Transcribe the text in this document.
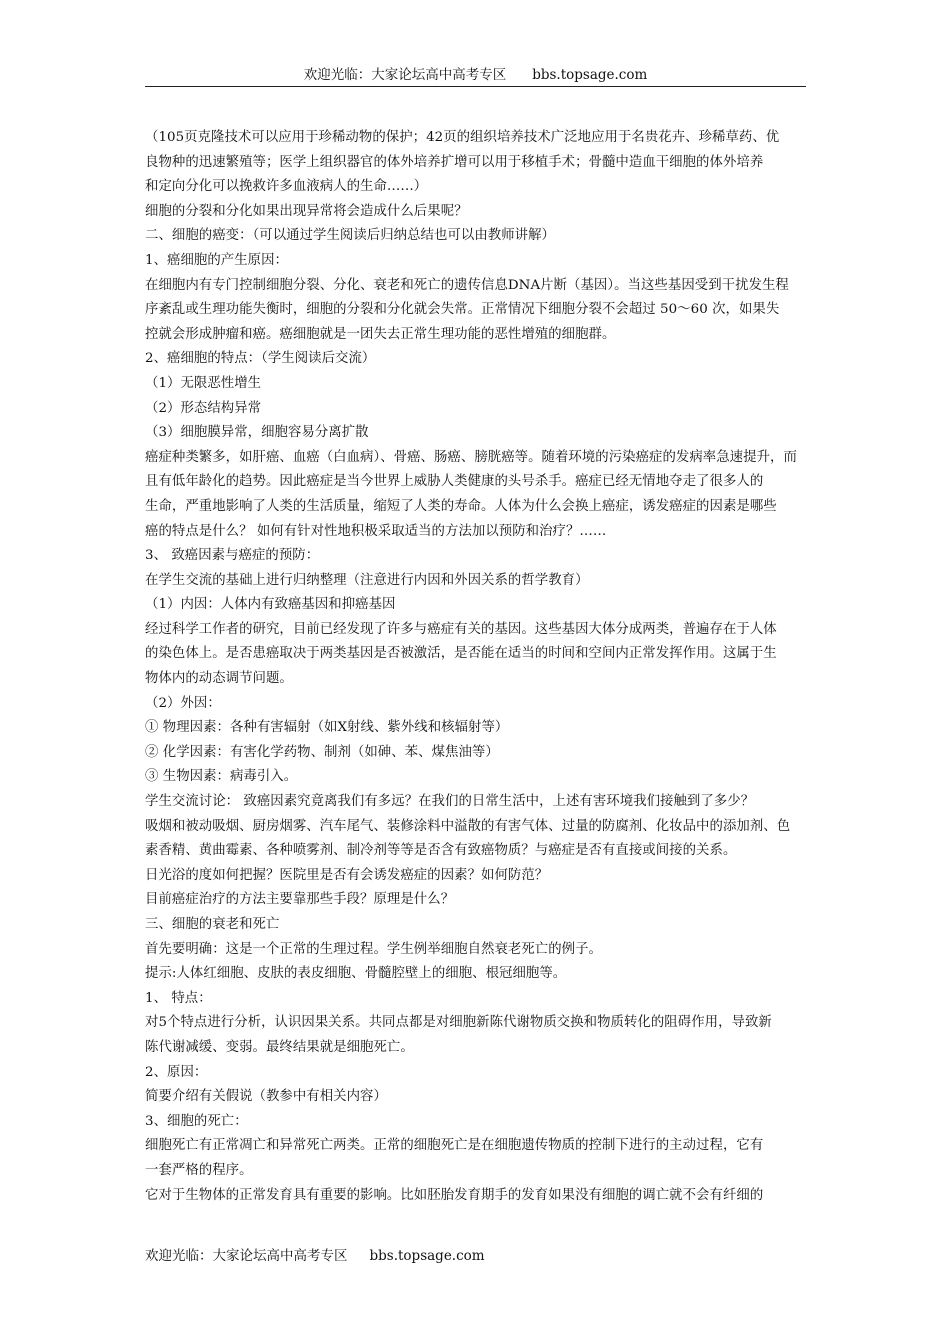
欢迎光临：大家论坛高中高考专区 bbs.topsage.com

（105页克隆技术可以应用于珍稀动物的保护；42页的组织培养技术广泛地应用于名贵花卉、珍稀草药、优

良物种的迅速繁殖等；医学上组织器官的体外培养扩增可以用于移植手术；骨髓中造血干细胞的体外培养

和定向分化可以挽救许多血液病人的生命……）

细胞的分裂和分化如果出现异常将会造成什么后果呢？

二、细胞的癌变：（可以通过学生阅读后归纳总结也可以由教师讲解）

1、癌细胞的产生原因：

在细胞内有专门控制细胞分裂、分化、衰老和死亡的遗传信息DNA片断（基因）。当这些基因受到干扰发生程

序紊乱或生理功能失衡时，细胞的分裂和分化就会失常。正常情况下细胞分裂不会超过 50～60 次，如果失

控就会形成肿瘤和癌。癌细胞就是一团失去正常生理功能的恶性增殖的细胞群。

2、癌细胞的特点：（学生阅读后交流）

（1）无限恶性增生

（2）形态结构异常

（3）细胞膜异常，细胞容易分离扩散

癌症种类繁多，如肝癌、血癌（白血病）、骨癌、肠癌、膀胱癌等。随着环境的污染癌症的发病率急速提升，而

且有低年龄化的趋势。因此癌症是当今世界上威胁人类健康的头号杀手。癌症已经无情地夺走了很多人的

生命，严重地影响了人类的生活质量，缩短了人类的寿命。人体为什么会换上癌症，诱发癌症的因素是哪些

癌的特点是什么？ 如何有针对性地积极采取适当的方法加以预防和治疗？……

3、 致癌因素与癌症的预防：

在学生交流的基础上进行归纳整理（注意进行内因和外因关系的哲学教育）

（1）内因：人体内有致癌基因和抑癌基因

经过科学工作者的研究，目前已经发现了许多与癌症有关的基因。这些基因大体分成两类，普遍存在于人体

的染色体上。是否患癌取决于两类基因是否被激活，是否能在适当的时间和空间内正常发挥作用。这属于生

物体内的动态调节问题。

（2）外因：

① 物理因素：各种有害辐射（如X射线、紫外线和核辐射等）

② 化学因素：有害化学药物、制剂（如砷、苯、煤焦油等）

③ 生物因素：病毒引入。

学生交流讨论： 致癌因素究竟离我们有多远？在我们的日常生活中，上述有害环境我们接触到了多少？

吸烟和被动吸烟、厨房烟雾、汽车尾气、装修涂料中溢散的有害气体、过量的防腐剂、化妆品中的添加剂、色

素香精、黄曲霉素、各种喷雾剂、制冷剂等等是否含有致癌物质？与癌症是否有直接或间接的关系。

日光浴的度如何把握？医院里是否有会诱发癌症的因素？如何防范？

目前癌症治疗的方法主要靠那些手段？原理是什么？

三、细胞的衰老和死亡

首先要明确：这是一个正常的生理过程。学生例举细胞自然衰老死亡的例子。

提示:人体红细胞、皮肤的表皮细胞、骨髓腔壁上的细胞、根冠细胞等。

1、 特点：

对5个特点进行分析，认识因果关系。共同点都是对细胞新陈代谢物质交换和物质转化的阻碍作用，导致新

陈代谢减缓、变弱。最终结果就是细胞死亡。

2、原因：

简要介绍有关假说（教参中有相关内容）

3、细胞的死亡：

细胞死亡有正常凋亡和异常死亡两类。正常的细胞死亡是在细胞遗传物质的控制下进行的主动过程，它有

一套严格的程序。

它对于生物体的正常发育具有重要的影响。比如胚胎发育期手的发育如果没有细胞的调亡就不会有纤细的

欢迎光临：大家论坛高中高考专区 bbs.topsage.com
